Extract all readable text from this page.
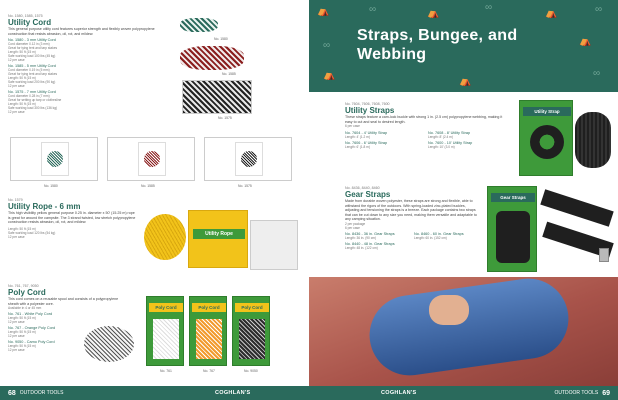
No. 1580, 1585, 1575
Utility Cord
This general purpose utility cord features superior strength and flexibly woven polypropylene construction that resists abrasion, oil, rot, and mildew.
No. 1580 - 3 mm Utility Cord
Cord diameter 0.12 in (3 mm)
Great for tying tent and tarp stakes
Length: 50 ft (15 m)
Safe working load 100 lbs (45 kg)
12 per case
No. 1585 - 5 mm Utility Cord
Cord diameter 0.19 in (5 mm)
Great for tying tent and tarp stakes
Length: 50 ft (15 m)
Safe working load 200 lbs (90 kg)
12 per case
No. 1575 - 7 mm Utility Cord
Cord diameter 0.28 in (7 mm)
Great for setting up tarp or clothesline
Length: 50 ft (15 m)
Safe working load 300 lbs (136 kg)
12 per case
No. 1580
No. 1585
No. 1575
No. 1580	No. 1585	No. 1575
No. 1579
Utility Rope - 6 mm
This high visibility yellow general purpose 0.25 in. diameter x 50' (15.25 m) rope is great for around the campsite. The 3 strand twisted, low stretch polypropylene construction resists abrasion, oil, rot, and mildew.
Length: 50 ft (15 m)
Safe working load 120 lbs (54 kg)
12 per case	Utility Rope
No. 761, 767, 9050
Poly Cord
This cord comes on a reusable spool and consists of a polypropylene sheath with a polyester core.
Available in 4 or 45 mm
No. 761 - White Poly Cord
Length: 50 ft (15 m)
12 per case
No. 767 - Orange Poly Cord
Length: 50 ft (15 m)
12 per case
No. 9050 - Camo Poly Cord
Length: 50 ft (15 m)
12 per case
Poly Cord
No. 761
Poly Cord
No. 767
Poly Cord
No. 9050
⛺	∞	⛺
∞
⛺	∞
∞
⛺
⛺
∞
⛺
Straps, Bungee, and Webbing
No. 7604, 7606, 7608, 7600
Utility Straps
These straps feature a cam-lock buckle with strong 1 in. (2.5 cm) polypropylene webbing, making it easy to cut and seal to desired length.
6 per case
No. 7604 - 4' Utility Strap
Length: 4' (1.2 m)
No. 7608 - 8' Utility Strap
Length: 8' (2.4 m)
No. 7606 - 6' Utility Strap
Length: 6' (1.8 m)
No. 7600 - 10' Utility Strap
Length: 10' (3.0 m)
Utility Strap
No. 8436, 8440, 8460
Gear Straps
Made from durable woven polyester, these straps are strong and flexible, able to withstand the rigors of the outdoors. With spring-loaded zinc-plated buckles, adjusting and tensioning the straps is a breeze. Each package contains two straps that can be cut down to any size you need, making them versatile and adaptable to any camping situation.
2 per package
6 per case
No. 8436 - 36 in. Gear Straps
Length: 36 in. (90 cm)
No. 8460 - 60 in. Gear Straps
Length: 60 in. (152 cm)
No. 8440 - 48 in. Gear Straps
Length: 48 in. (122 cm)
Gear Straps
68 OUTDOOR TOOLS	COGHLAN'S	COGHLAN'S	OUTDOOR TOOLS 69
